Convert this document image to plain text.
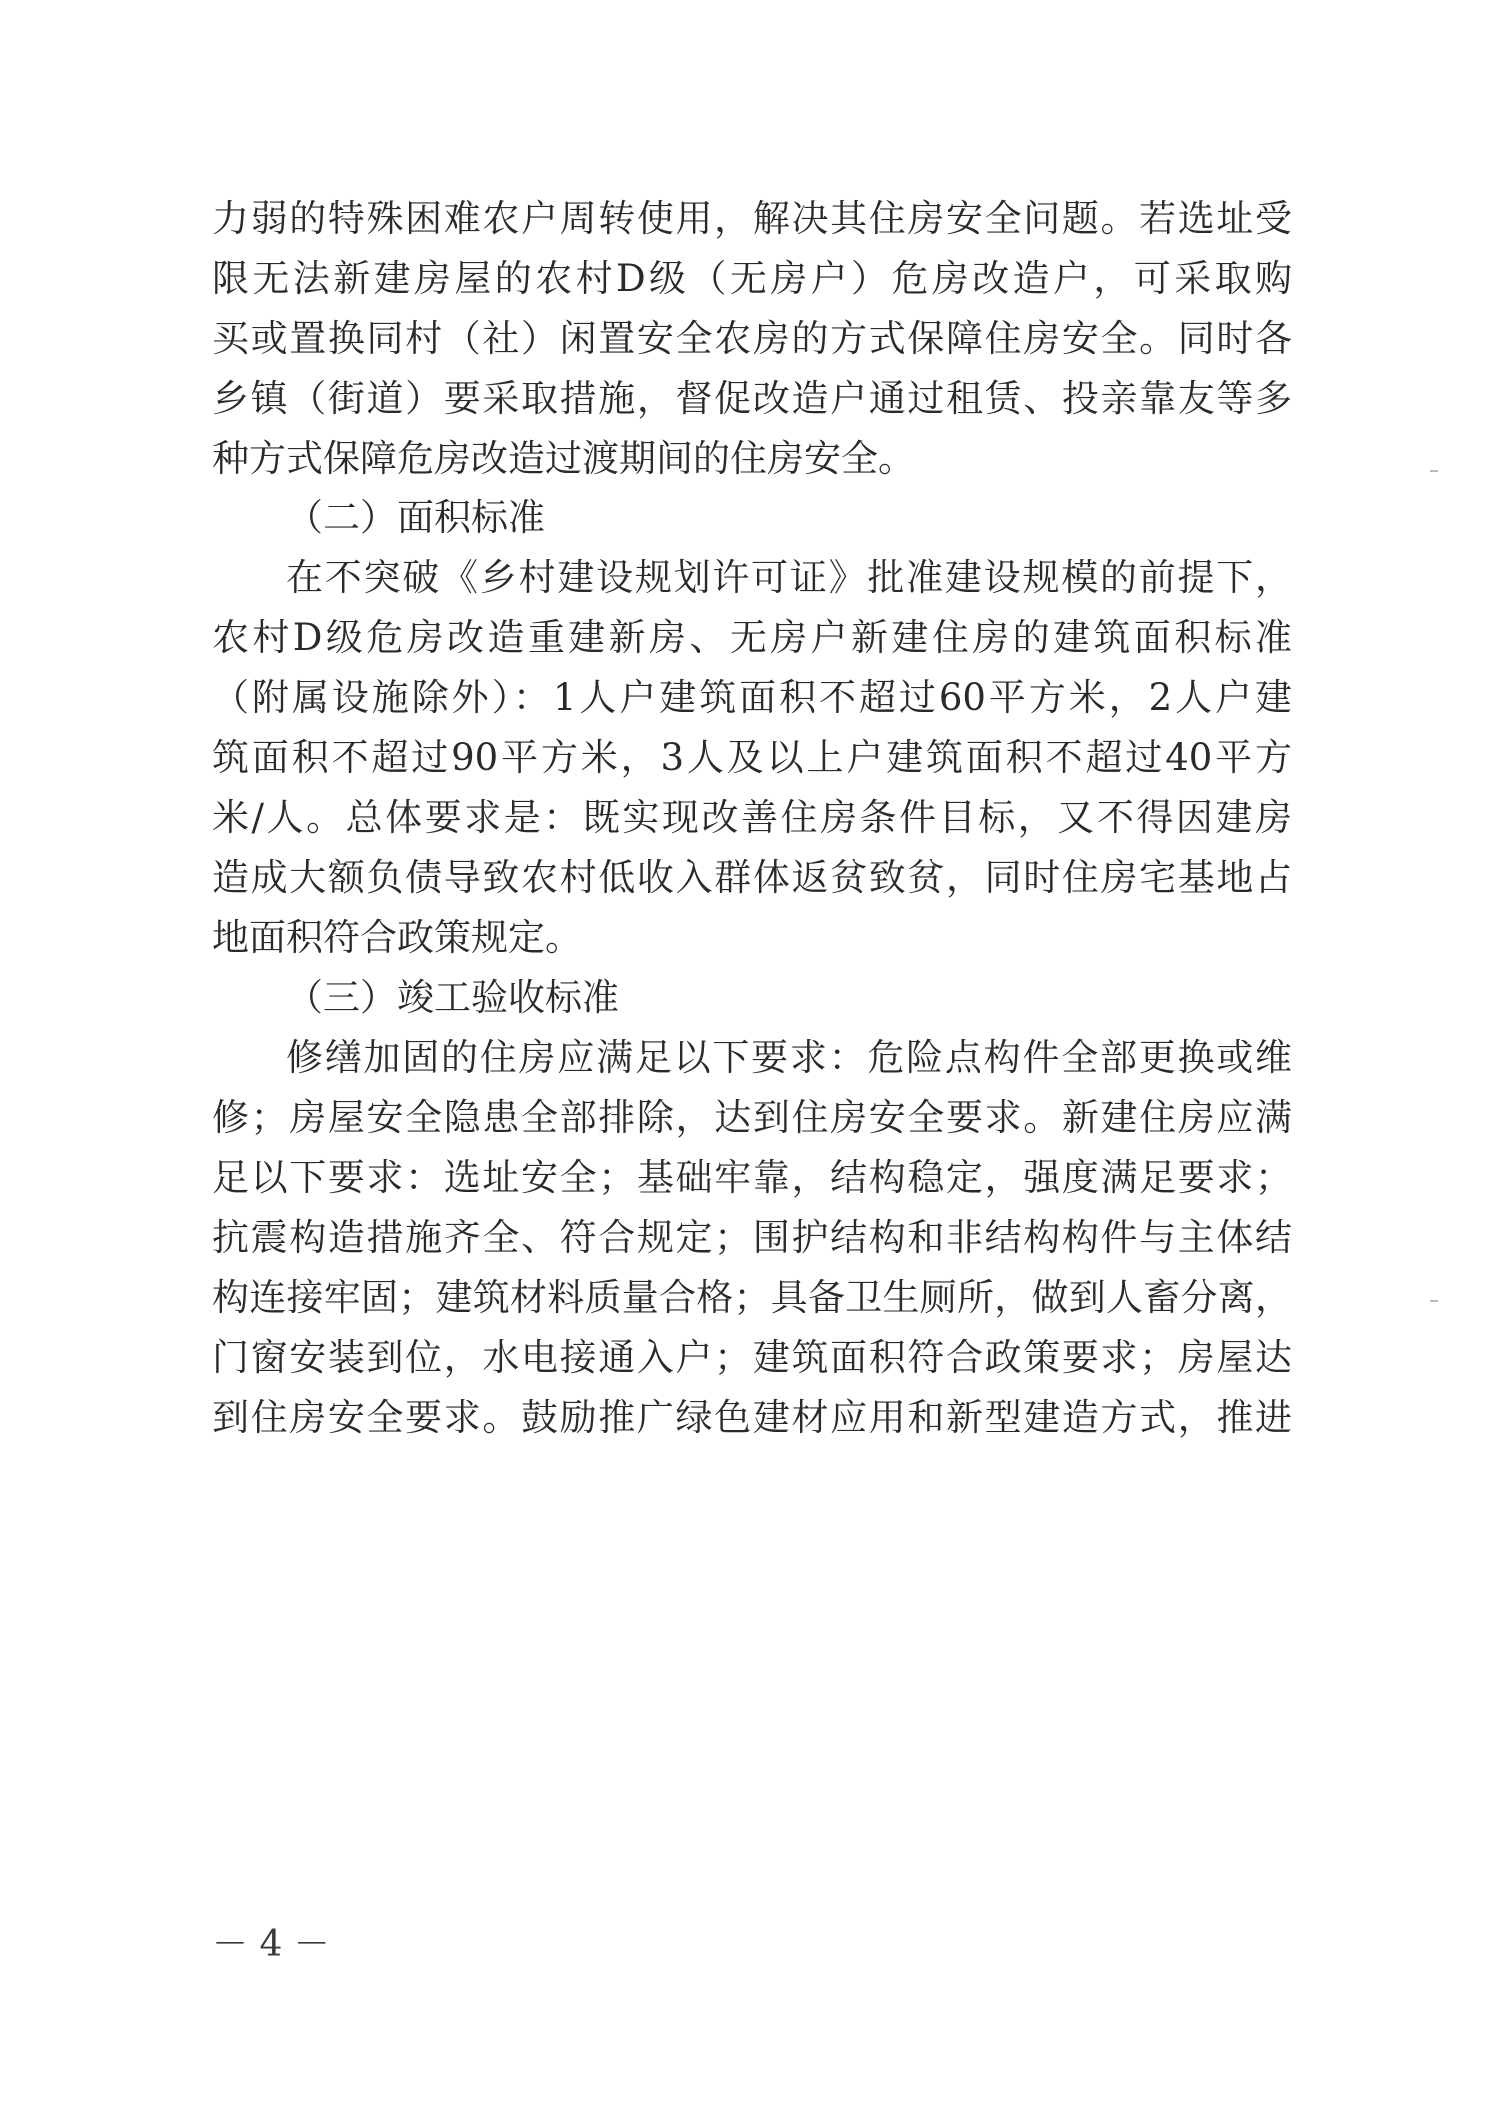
力弱的特殊困难农户周转使用，解决其住房安全问题。若选址受
限无法新建房屋的农村D级（无房户）危房改造户，可采取购
买或置换同村（社）闲置安全农房的方式保障住房安全。同时各
乡镇（街道）要采取措施，督促改造户通过租赁、投亲靠友等多
种方式保障危房改造过渡期间的住房安全。
（二）面积标准
在不突破《乡村建设规划许可证》批准建设规模的前提下，
农村D级危房改造重建新房、无房户新建住房的建筑面积标准
（附属设施除外）：1人户建筑面积不超过60平方米，2人户建
筑面积不超过90平方米，3人及以上户建筑面积不超过40平方
米/人。总体要求是：既实现改善住房条件目标，又不得因建房
造成大额负债导致农村低收入群体返贫致贫，同时住房宅基地占
地面积符合政策规定。
（三）竣工验收标准
修缮加固的住房应满足以下要求：危险点构件全部更换或维
修；房屋安全隐患全部排除，达到住房安全要求。新建住房应满
足以下要求：选址安全；基础牢靠，结构稳定，强度满足要求；
抗震构造措施齐全、符合规定；围护结构和非结构构件与主体结
构连接牢固；建筑材料质量合格；具备卫生厕所，做到人畜分离，
门窗安装到位，水电接通入户；建筑面积符合政策要求；房屋达
到住房安全要求。鼓励推广绿色建材应用和新型建造方式，推进
－ 4 －
